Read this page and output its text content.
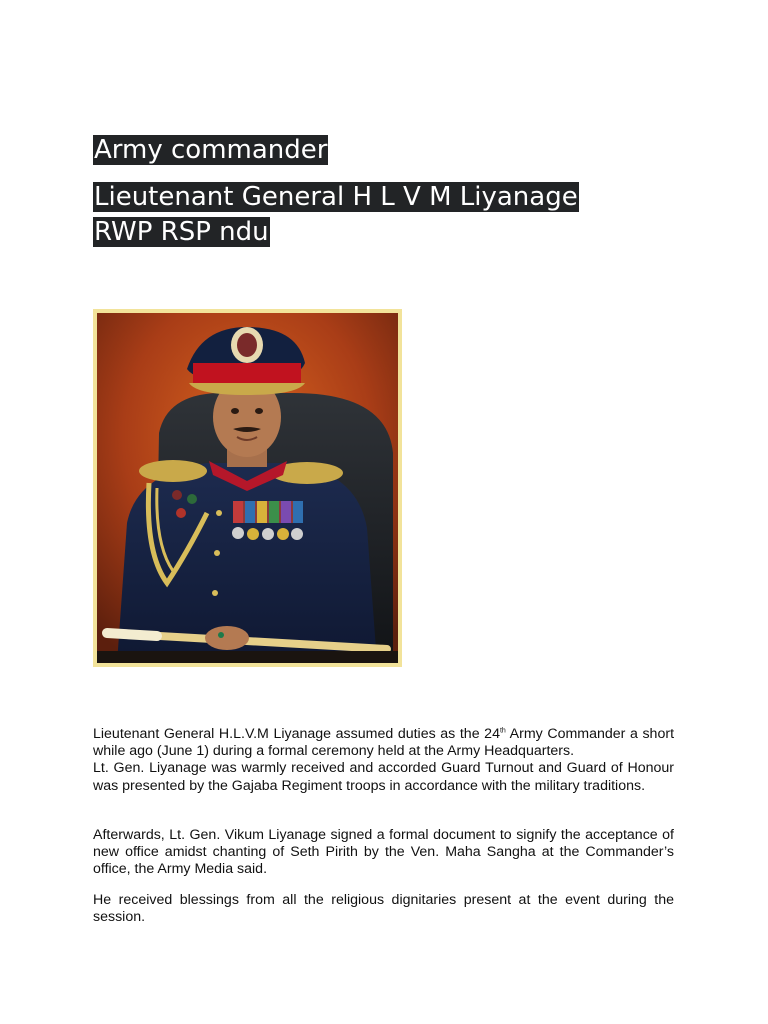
Army commander
Lieutenant General H L V M Liyanage
RWP RSP ndu
Lieutenant General H.L.V.M Liyanage assumed duties as the 24th Army Commander a short while ago (June 1) during a formal ceremony held at the Army Headquarters.
Lt. Gen. Liyanage was warmly received and accorded Guard Turnout and Guard of Honour was presented by the Gajaba Regiment troops in accordance with the military traditions.
Afterwards, Lt. Gen. Vikum Liyanage signed a formal document to signify the acceptance of new office amidst chanting of Seth Pirith by the Ven. Maha Sangha at the Commander’s office, the Army Media said.
He received blessings from all the religious dignitaries present at the event during the session.
